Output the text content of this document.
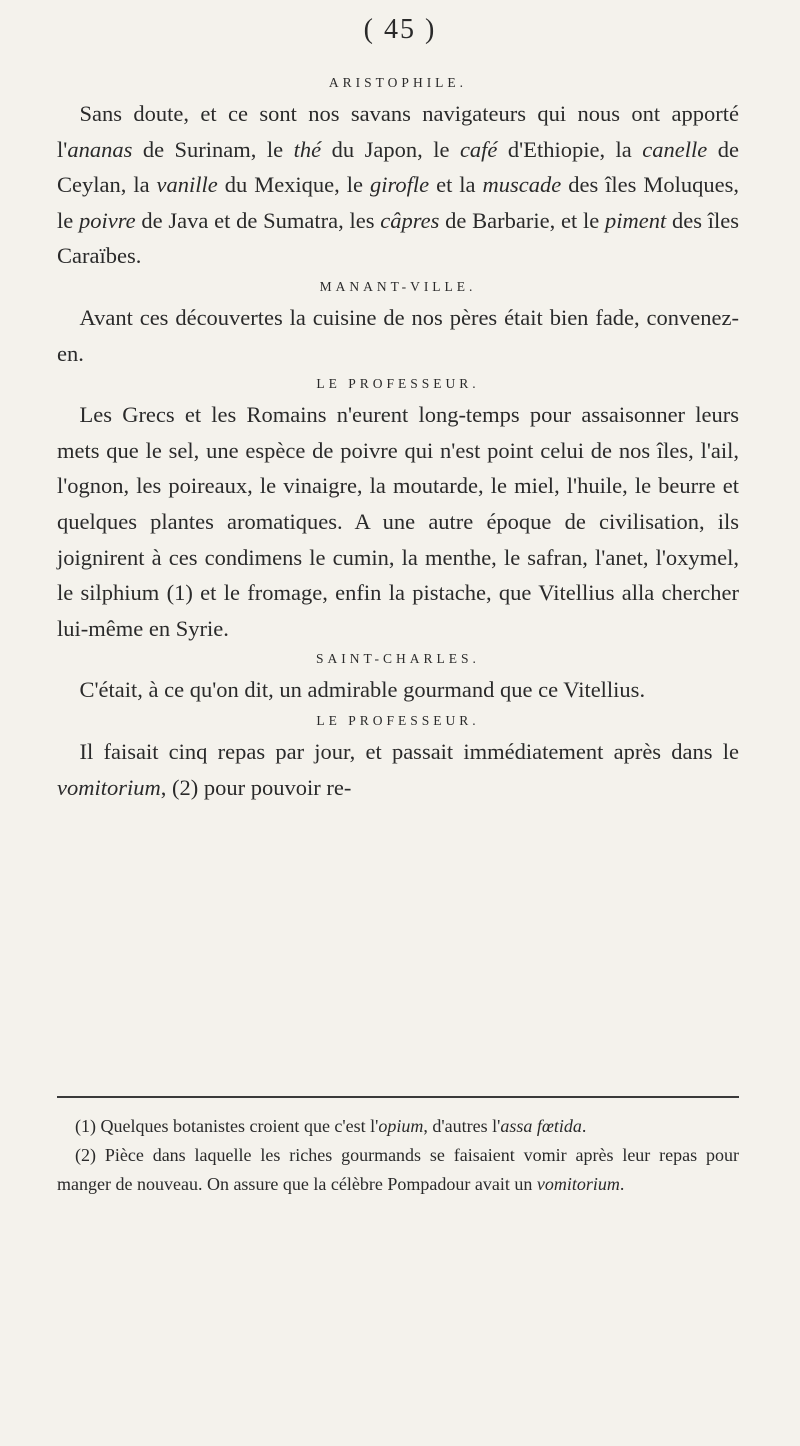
( 45 )

ARISTOPHILE.

Sans doute, et ce sont nos savans navigateurs qui nous ont apporté l'ananas de Surinam, le thé du Japon, le café d'Ethiopie, la canelle de Ceylan, la vanille du Mexique, le girofle et la muscade des îles Moluques, le poivre de Java et de Sumatra, les câpres de Barbarie, et le piment des îles Caraïbes.

MANANT-VILLE.

Avant ces découvertes la cuisine de nos pères était bien fade, convenez-en.

LE PROFESSEUR.

Les Grecs et les Romains n'eurent long-temps pour assaisonner leurs mets que le sel, une espèce de poivre qui n'est point celui de nos îles, l'ail, l'ognon, les poireaux, le vinaigre, la moutarde, le miel, l'huile, le beurre et quelques plantes aromatiques. A une autre époque de civilisation, ils joignirent à ces condimens le cumin, la menthe, le safran, l'anet, l'oxymel, le silphium (1) et le fromage, enfin la pistache, que Vitellius alla chercher lui-même en Syrie.

SAINT-CHARLES.

C'était, à ce qu'on dit, un admirable gourmand que ce Vitellius.

LE PROFESSEUR.

Il faisait cinq repas par jour, et passait immédiatement après dans le vomitorium, (2) pour pouvoir re-

(1) Quelques botanistes croient que c'est l'opium, d'autres l'assa fœtida.

(2) Pièce dans laquelle les riches gourmands se faisaient vomir après leur repas pour manger de nouveau. On assure que la célèbre Pompadour avait un vomitorium.
